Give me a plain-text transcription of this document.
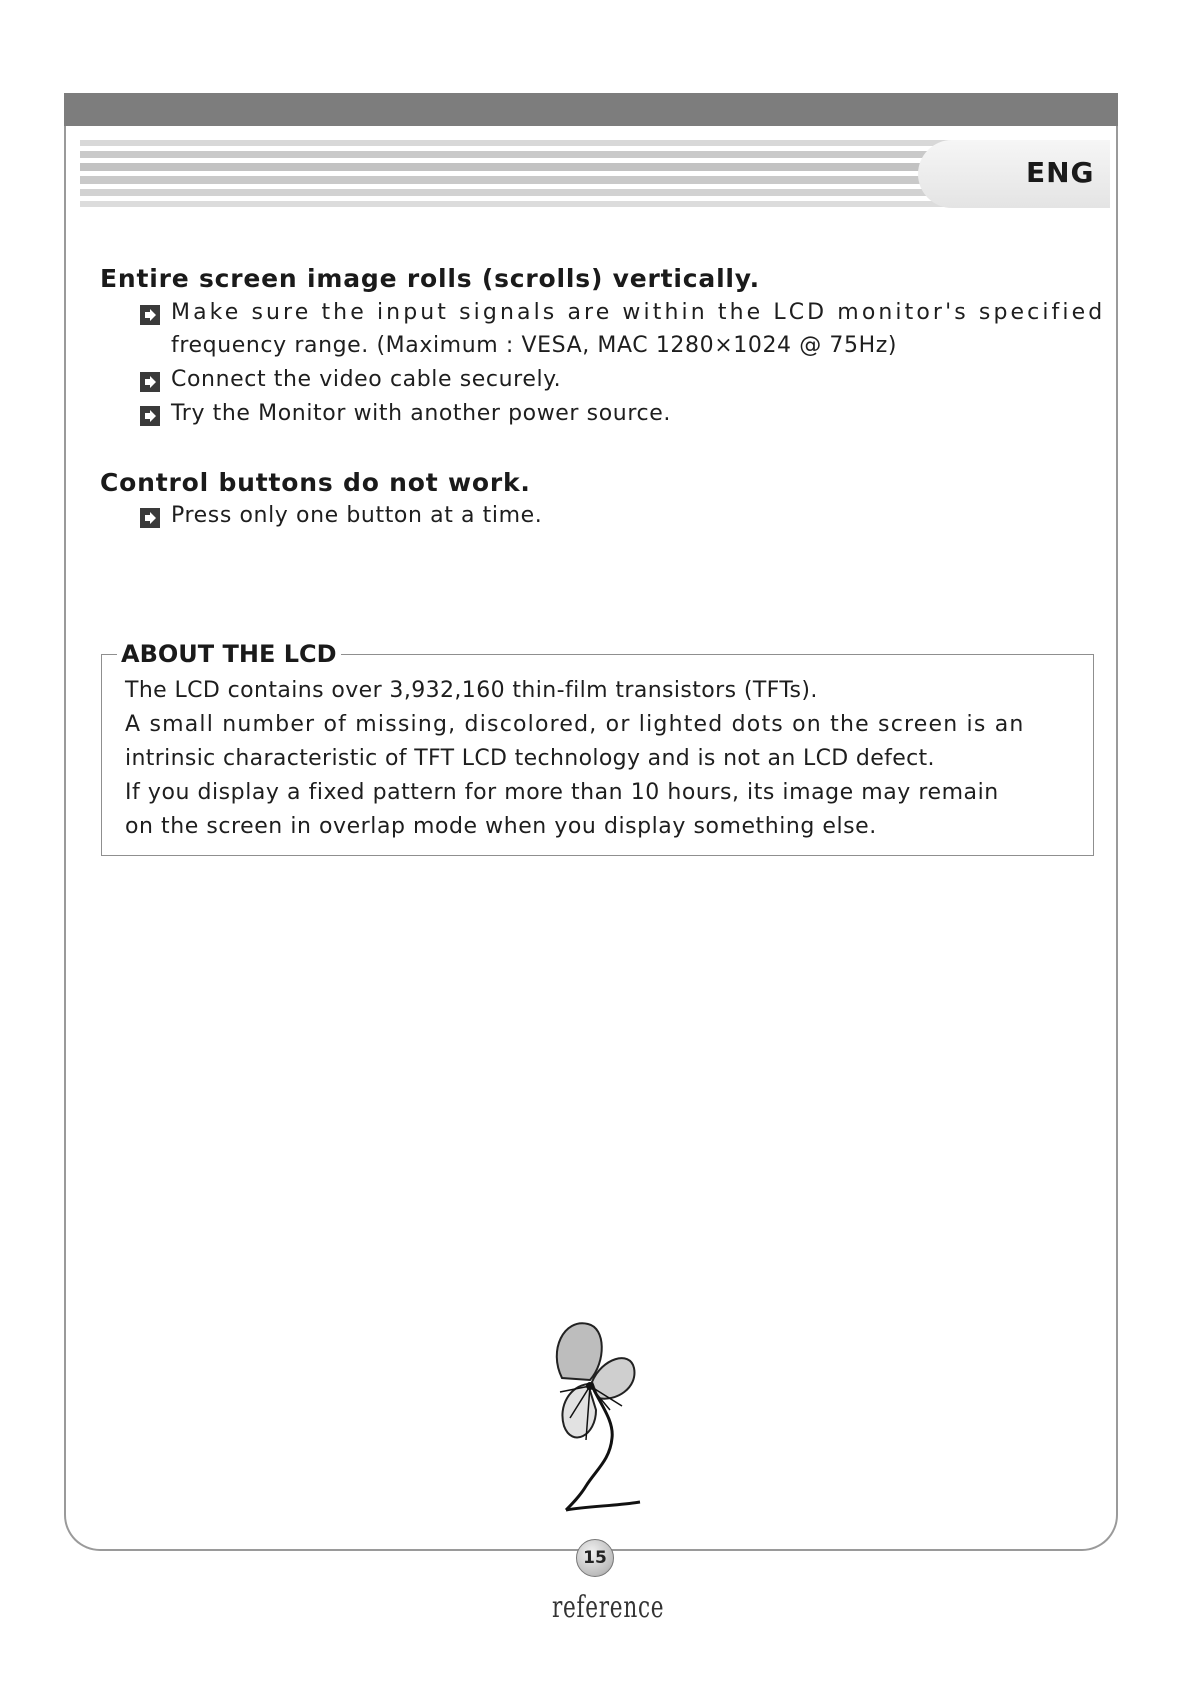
ENG
Entire screen image rolls (scrolls) vertically.
Make sure the input signals are within the LCD monitor's specified
frequency range. (Maximum : VESA, MAC 1280×1024 @ 75Hz)
Connect the video cable securely.
Try the Monitor with another power source.
Control buttons do not work.
Press only one button at a time.
ABOUT THE LCD
The LCD contains over 3,932,160 thin-film transistors (TFTs).
A small number of missing, discolored, or lighted dots on the screen is an
intrinsic characteristic of TFT LCD technology and is not an LCD defect.
If you display a fixed pattern for more than 10 hours, its image may remain
on the screen in overlap mode when you display something else.
15
reference
